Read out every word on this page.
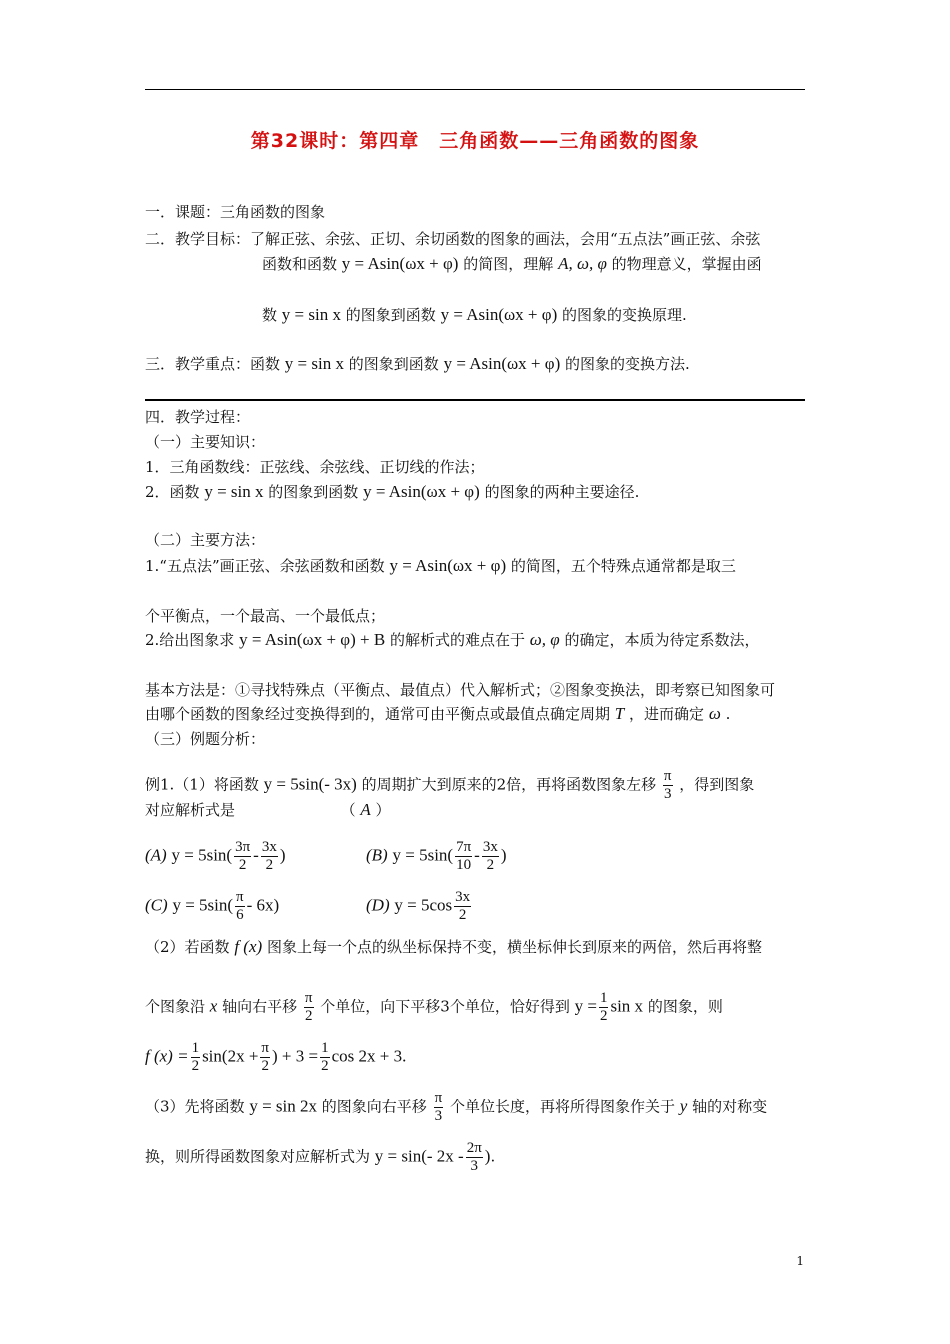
第32课时：第四章　三角函数——三角函数的图象
一．课题：三角函数的图象
二．教学目标：了解正弦、余弦、正切、余切函数的图象的画法，会用“五点法”画正弦、余弦
函数和函数 y = Asin(ωx + φ) 的简图，理解 A, ω, φ 的物理意义，掌握由函
数 y = sin x 的图象到函数 y = Asin(ωx + φ) 的图象的变换原理.
三．教学重点：函数 y = sin x 的图象到函数 y = Asin(ωx + φ) 的图象的变换方法.
四．教学过程：
（一）主要知识：
1．三角函数线：正弦线、余弦线、正切线的作法；
2．函数 y = sin x 的图象到函数 y = Asin(ωx + φ) 的图象的两种主要途径.
（二）主要方法：
1.“五点法”画正弦、余弦函数和函数 y = Asin(ωx + φ) 的简图，五个特殊点通常都是取三
个平衡点，一个最高、一个最低点；
2.给出图象求 y = Asin(ωx + φ) + B 的解析式的难点在于 ω, φ 的确定，本质为待定系数法，
基本方法是：①寻找特殊点（平衡点、最值点）代入解析式；②图象变换法，即考察已知图象可
由哪个函数的图象经过变换得到的，通常可由平衡点或最值点确定周期 T ，进而确定 ω .
（三）例题分析：
例1.（1）将函数 y = 5sin(- 3x) 的周期扩大到原来的2倍，再将函数图象左移 $\frac{\pi}{3}$ ，得到图象
对应解析式是	（ A ）
(A) $y = 5\sin( \frac{3\pi}{2} - \frac{3x}{2}$ )	(B) $y = 5\sin( \frac{7\pi}{10} - \frac{3x}{2}$ )
(C) $y = 5\sin( \frac{\pi}{6} - 6x)$	(D) $y = 5\cos \frac{3x}{2}$
（2）若函数 f (x) 图象上每一个点的纵坐标保持不变，横坐标伸长到原来的两倍，然后再将整
个图象沿 x 轴向右平移 $\frac{\pi}{2}$ 个单位，向下平移3个单位，恰好得到 $y = \frac{1}{2}$ sin x 的图象，则
f $(x) = \frac{1}{2} \sin(2x + \frac{\pi}{2}$ ) + $3 = \frac{1}{2}$ cos 2x + 3.
（3）先将函数 y = sin 2x 的图象向右平移 $\frac{\pi}{3}$ 个单位长度，再将所得图象作关于 y 轴的对称变
换，则所得函数图象对应解析式为 y = sin(- $2x - \frac{2\pi}{3}$ ).
1
